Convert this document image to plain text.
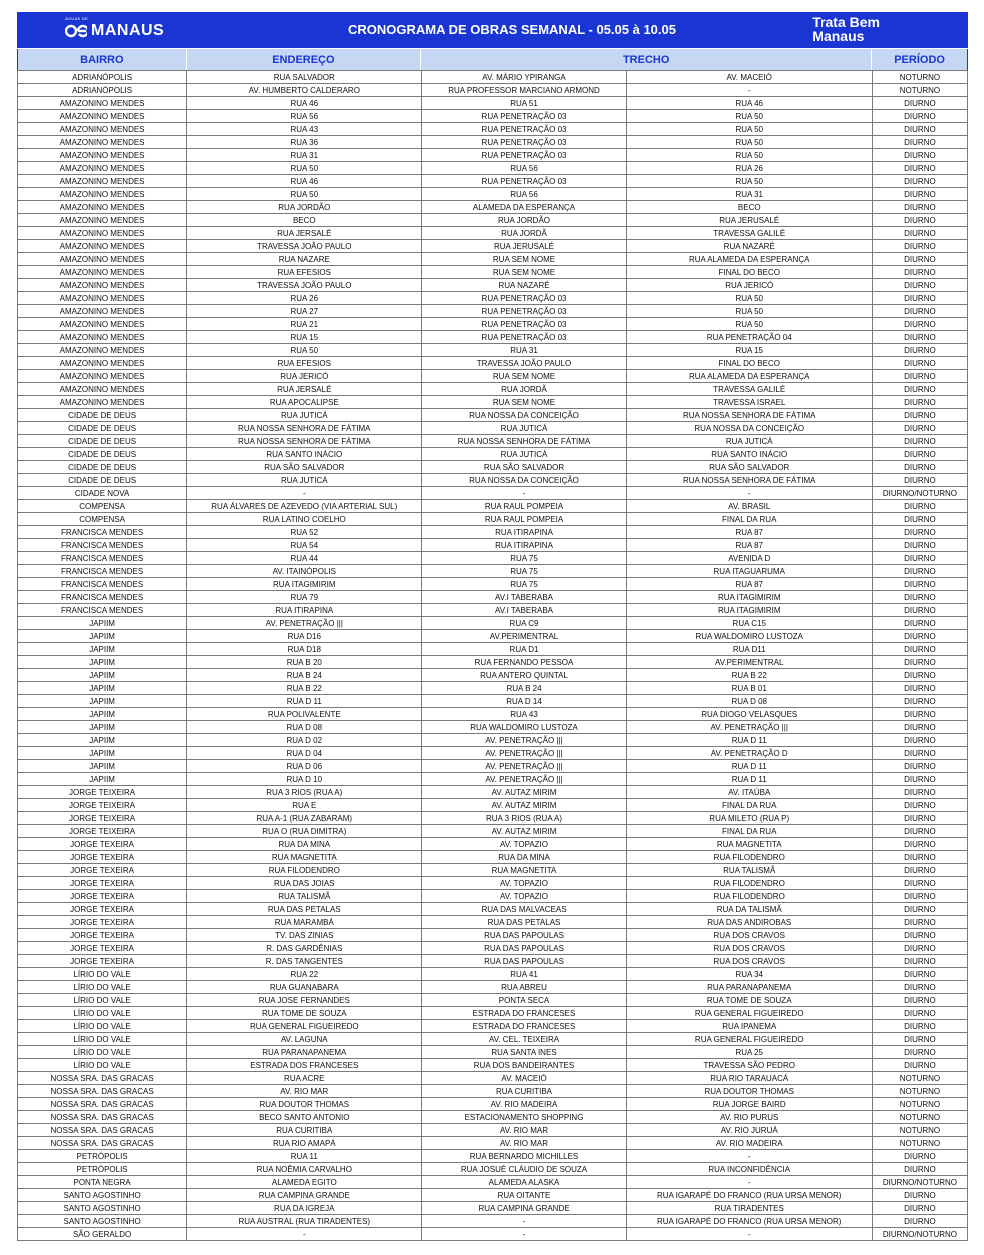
ÁGUAS DE
MANAUS	CRONOGRAMA DE OBRAS SEMANAL - 05.05 à 10.05	Trata Bem
Manaus
BAIRRO	ENDEREÇO	TRECHO	PERÍODO
ADRIANÓPOLIS	RUA SALVADOR	AV. MÁRIO YPIRANGA	AV. MACEIÓ	NOTURNO
ADRIANÓPOLIS	AV. HUMBERTO CALDERARO	RUA PROFESSOR MARCIANO ARMOND	-	NOTURNO
AMAZONINO MENDES	RUA 46	RUA 51	RUA 46	DIURNO
AMAZONINO MENDES	RUA 56	RUA PENETRAÇÃO 03	RUA 50	DIURNO
AMAZONINO MENDES	RUA 43	RUA PENETRAÇÃO 03	RUA 50	DIURNO
AMAZONINO MENDES	RUA 36	RUA PENETRAÇÃO 03	RUA 50	DIURNO
AMAZONINO MENDES	RUA 31	RUA PENETRAÇÃO 03	RUA 50	DIURNO
AMAZONINO MENDES	RUA 50	RUA 56	RUA 26	DIURNO
AMAZONINO MENDES	RUA 46	RUA PENETRAÇÃO 03	RUA 50	DIURNO
AMAZONINO MENDES	RUA 50	RUA 56	RUA 31	DIURNO
AMAZONINO MENDES	RUA JORDÃO	ALAMEDA DA ESPERANÇA	BECO	DIURNO
AMAZONINO MENDES	BECO	RUA JORDÃO	RUA JERUSALÉ	DIURNO
AMAZONINO MENDES	RUA JERSALÉ	RUA JORDÃ	TRAVESSA GALILÉ	DIURNO
AMAZONINO MENDES	TRAVESSA JOÃO PAULO	RUA JERUSALÉ	RUA NAZARÉ	DIURNO
AMAZONINO MENDES	RUA NAZARE	RUA SEM NOME	RUA ALAMEDA DA ESPERANÇA	DIURNO
AMAZONINO MENDES	RUA EFESIOS	RUA SEM NOME	FINAL DO BECO	DIURNO
AMAZONINO MENDES	TRAVESSA JOÃO PAULO	RUA NAZARÉ	RUA JERICÓ	DIURNO
AMAZONINO MENDES	RUA 26	RUA PENETRAÇÃO 03	RUA 50	DIURNO
AMAZONINO MENDES	RUA 27	RUA PENETRAÇÃO 03	RUA 50	DIURNO
AMAZONINO MENDES	RUA 21	RUA PENETRAÇÃO 03	RUA 50	DIURNO
AMAZONINO MENDES	RUA 15	RUA PENETRAÇÃO 03	RUA PENETRAÇÃO 04	DIURNO
AMAZONINO MENDES	RUA 50	RUA 31	RUA 15	DIURNO
AMAZONINO MENDES	RUA EFESIOS	TRAVESSA JOÃO PAULO	FINAL DO BECO	DIURNO
AMAZONINO MENDES	RUA JERICÓ	RUA SEM NOME	RUA ALAMEDA DA ESPERANÇA	DIURNO
AMAZONINO MENDES	RUA JERSALÉ	RUA JORDÃ	TRAVESSA GALILÉ	DIURNO
AMAZONINO MENDES	RUA APOCALIPSE	RUA SEM NOME	TRAVESSA ISRAEL	DIURNO
CIDADE DE DEUS	RUA JUTICÁ	RUA NOSSA DA CONCEIÇÃO	RUA NOSSA SENHORA DE FÁTIMA	DIURNO
CIDADE DE DEUS	RUA NOSSA SENHORA DE FÁTIMA	RUA JUTICÁ	RUA NOSSA DA CONCEIÇÃO	DIURNO
CIDADE DE DEUS	RUA NOSSA SENHORA DE FÁTIMA	RUA NOSSA SENHORA DE FÁTIMA	RUA JUTICÁ	DIURNO
CIDADE DE DEUS	RUA SANTO INÁCIO	RUA JUTICÁ	RUA SANTO INÁCIO	DIURNO
CIDADE DE DEUS	RUA SÃO SALVADOR	RUA SÃO SALVADOR	RUA SÃO SALVADOR	DIURNO
CIDADE DE DEUS	RUA JUTICÁ	RUA NOSSA DA CONCEIÇÃO	RUA NOSSA SENHORA DE FÁTIMA	DIURNO
CIDADE NOVA	-	-	-	DIURNO/NOTURNO
COMPENSA	RUA ÁLVARES DE AZEVEDO (VIA ARTERIAL SUL)	RUA RAUL POMPEIA	AV. BRASIL	DIURNO
COMPENSA	RUA LATINO COELHO	RUA RAUL POMPEIA	FINAL DA RUA	DIURNO
FRANCISCA MENDES	RUA 52	RUA ITIRAPINA	RUA 87	DIURNO
FRANCISCA MENDES	RUA 54	RUA ITIRAPINA	RUA 87	DIURNO
FRANCISCA MENDES	RUA 44	RUA 75	AVENIDA D	DIURNO
FRANCISCA MENDES	AV. ITAINÓPOLIS	RUA 75	RUA ITAGUARUMA	DIURNO
FRANCISCA MENDES	RUA ITAGIMIRIM	RUA 75	RUA 87	DIURNO
FRANCISCA MENDES	RUA 79	AV.I TABERABA	RUA ITAGIMIRIM	DIURNO
FRANCISCA MENDES	RUA ITIRAPINA	AV.I TABERABA	RUA ITAGIMIRIM	DIURNO
JAPIIM	AV. PENETRAÇÃO |||	RUA C9	RUA C15	DIURNO
JAPIIM	RUA D16	AV.PERIMENTRAL	RUA WALDOMIRO LUSTOZA	DIURNO
JAPIIM	RUA D18	RUA D1	RUA D11	DIURNO
JAPIIM	RUA B 20	RUA FERNANDO PESSOA	AV.PERIMENTRAL	DIURNO
JAPIIM	RUA B 24	RUA ANTERO QUINTAL	RUA B 22	DIURNO
JAPIIM	RUA B 22	RUA B 24	RUA B 01	DIURNO
JAPIIM	RUA D 11	RUA D 14	RUA D 08	DIURNO
JAPIIM	RUA POLIVALENTE	RUA 43	RUA DIOGO VELASQUES	DIURNO
JAPIIM	RUA D 08	RUA WALDOMIRO LUSTOZA	AV. PENETRAÇÃO |||	DIURNO
JAPIIM	RUA D 02	AV. PENETRAÇÃO |||	RUA D 11	DIURNO
JAPIIM	RUA D 04	AV. PENETRAÇÃO |||	AV. PENETRAÇÃO D	DIURNO
JAPIIM	RUA D 06	AV. PENETRAÇÃO |||	RUA D 11	DIURNO
JAPIIM	RUA D 10	AV. PENETRAÇÃO |||	RUA D 11	DIURNO
JORGE TEIXEIRA	RUA 3 RIOS (RUA A)	AV. AUTAZ MIRIM	AV. ITAÚBA	DIURNO
JORGE TEIXEIRA	RUA E	AV. AUTAZ MIRIM	FINAL DA RUA	DIURNO
JORGE TEIXEIRA	RUA A-1 (RUA ZABARAM)	RUA 3 RIOS (RUA A)	RUA MILETO (RUA P)	DIURNO
JORGE TEIXEIRA	RUA O (RUA DIMITRA)	AV. AUTAZ MIRIM	FINAL DA RUA	DIURNO
JORGE TEXEIRA	RUA DA MINA	AV. TOPAZIO	RUA MAGNETITA	DIURNO
JORGE TEXEIRA	RUA MAGNETITA	RUA DA MINA	RUA FILODENDRO	DIURNO
JORGE TEXEIRA	RUA FILODENDRO	RUA MAGNETITA	RUA TALISMÃ	DIURNO
JORGE TEXEIRA	RUA DAS JOIAS	AV. TOPAZIO	RUA FILODENDRO	DIURNO
JORGE TEXEIRA	RUA TALISMÃ	AV. TOPAZIO	RUA FILODENDRO	DIURNO
JORGE TEXEIRA	RUA DAS PETALAS	RUA DAS MALVACEAS	RUA DA TALISMÃ	DIURNO
JORGE TEXEIRA	RUA MARAMBÁ	RUA DAS PETALAS	RUA DAS ANDIROBAS	DIURNO
JORGE TEXEIRA	TV. DAS ZINIAS	RUA DAS PAPOULAS	RUA DOS CRAVOS	DIURNO
JORGE TEXEIRA	R. DAS GARDÊNIAS	RUA DAS PAPOULAS	RUA DOS CRAVOS	DIURNO
JORGE TEXEIRA	R. DAS TANGENTES	RUA DAS PAPOULAS	RUA DOS CRAVOS	DIURNO
LÍRIO DO VALE	RUA 22	RUA 41	RUA 34	DIURNO
LÍRIO DO VALE	RUA GUANABARA	RUA ABREU	RUA PARANAPANEMA	DIURNO
LÍRIO DO VALE	RUA JOSE FERNANDES	PONTA SECA	RUA TOME DE SOUZA	DIURNO
LÍRIO DO VALE	RUA TOME DE SOUZA	ESTRADA DO FRANCESES	RUA GENERAL FIGUEIREDO	DIURNO
LÍRIO DO VALE	RUA GENERAL FIGUEIREDO	ESTRADA DO FRANCESES	RUA IPANEMA	DIURNO
LÍRIO DO VALE	AV. LAGUNA	AV. CEL. TEIXEIRA	RUA GENERAL FIGUEIREDO	DIURNO
LÍRIO DO VALE	RUA PARANAPANEMA	RUA SANTA INES	RUA 25	DIURNO
LÍRIO DO VALE	ESTRADA DOS FRANCESES	RUA DOS BANDEIRANTES	TRAVESSA SÃO PEDRO	DIURNO
NOSSA SRA. DAS GRACAS	RUA ACRE	AV. MACEIÓ	RUA RIO TARAUACÁ	NOTURNO
NOSSA SRA. DAS GRACAS	AV. RIO MAR	RUA CURITIBA	RUA DOUTOR THOMAS	NOTURNO
NOSSA SRA. DAS GRACAS	RUA DOUTOR THOMAS	AV. RIO MADEIRA	RUA JORGE BAIRD	NOTURNO
NOSSA SRA. DAS GRACAS	BECO SANTO ANTONIO	ESTACIONAMENTO SHOPPING	AV. RIO PURUS	NOTURNO
NOSSA SRA. DAS GRACAS	RUA CURITIBA	AV. RIO MAR	AV. RIO JURUÁ	NOTURNO
NOSSA SRA. DAS GRACAS	RUA RIO AMAPÁ	AV. RIO MAR	AV. RIO MADEIRA	NOTURNO
PETRÓPOLIS	RUA 11	RUA BERNARDO MICHILLES	-	DIURNO
PETRÓPOLIS	RUA NOÊMIA CARVALHO	RUA JOSUÉ CLÁUDIO DE SOUZA	RUA INCONFIDÊNCIA	DIURNO
PONTA NEGRA	ALAMEDA EGITO	ALAMEDA ALASKA	-	DIURNO/NOTURNO
SANTO AGOSTINHO	RUA CAMPINA GRANDE	RUA OITANTE	RUA IGARAPÉ DO FRANCO (RUA URSA MENOR)	DIURNO
SANTO AGOSTINHO	RUA DA IGREJA	RUA CAMPINA GRANDE	RUA TIRADENTES	DIURNO
SANTO AGOSTINHO	RUA AUSTRAL (RUA TIRADENTES)	-	RUA IGARAPÉ DO FRANCO (RUA URSA MENOR)	DIURNO
SÃO GERALDO	-	-	-	DIURNO/NOTURNO
